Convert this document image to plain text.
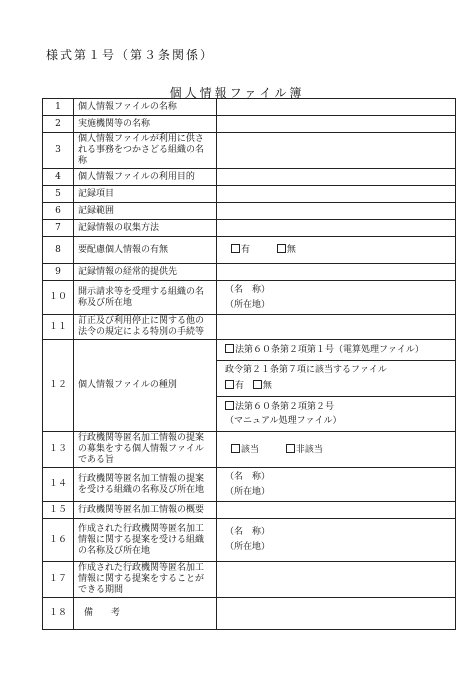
様式第１号（第３条関係）
個人情報ファイル簿
1	個人情報ファイルの名称	
2	実施機関等の名称	
3	個人情報ファイルが利用に供される事務をつかさどる組織の名称	
4	個人情報ファイルの利用目的	
5	記録項目	
6	記録範囲	
7	記録情報の収集方法	
8	要配慮個人情報の有無	有 無
9	記録情報の経常的提供先	
１０	開示請求等を受理する組織の名称及び所在地	（名　称）
（所在地）

１１	訂正及び利用停止に関する他の法令の規定による特別の手続等	
１２	個人情報ファイルの種別	法第６０条第２項第１号（電算処理ファイル）
政令第２１条第７項に該当するファイル
有 無
法第６０条第２項第２号
（マニュアル処理ファイル）

１３	行政機関等匿名加工情報の提案の募集をする個人情報ファイルである旨	該当 非該当
１４	行政機関等匿名加工情報の提案を受ける組織の名称及び所在地	（名　称）
（所在地）

１５	行政機関等匿名加工情報の概要	
１６	作成された行政機関等匿名加工情報に関する提案を受ける組織の名称及び所在地	（名　称）
（所在地）

１７	作成された行政機関等匿名加工情報に関する提案をすることができる期間	
１８	備　　考	
